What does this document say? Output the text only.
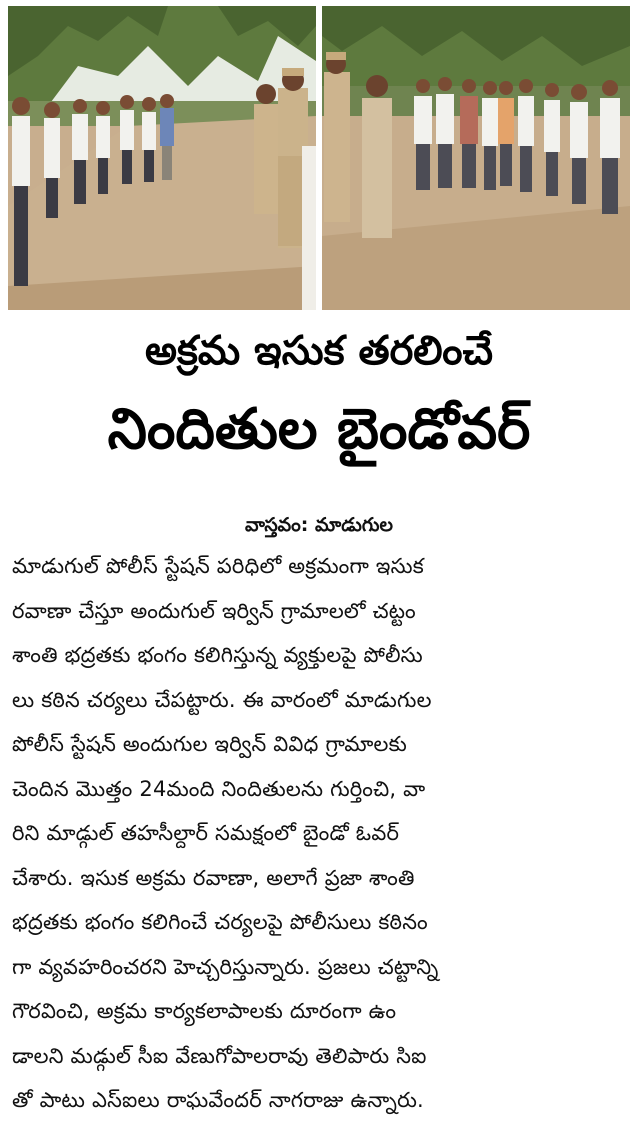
అక్రమ ఇసుక తరలించే
నిందితుల బైండోవర్
వాస్తవం: మాడుగుల
మాడుగుల్ పోలీస్ స్టేషన్ పరిధిలో అక్రమంగా ఇసుక
రవాణా చేస్తూ అందుగుల్ ఇర్విన్ గ్రామాలలో చట్టం
శాంతి భద్రతకు భంగం కలిగిస్తున్న వ్యక్తులపై పోలీసు
లు కఠిన చర్యలు చేపట్టారు. ఈ వారంలో మాడుగుల
పోలీస్ స్టేషన్ అందుగుల ఇర్విన్ వివిధ గ్రామాలకు
చెందిన మొత్తం 24మంది నిందితులను గుర్తించి, వా
రిని మాడ్గుల్ తహసీల్దార్ సమక్షంలో బైండో ఓవర్
చేశారు. ఇసుక అక్రమ రవాణా, అలాగే ప్రజా శాంతి
భద్రతకు భంగం కలిగించే చర్యలపై పోలీసులు కఠినం
గా వ్యవహరించరని హెచ్చరిస్తున్నారు. ప్రజలు చట్టాన్ని
గౌరవించి, అక్రమ కార్యకలాపాలకు దూరంగా ఉం
డాలని మడ్గుల్ సీఐ వేణుగోపాలరావు తెలిపారు సిఐ
తో పాటు ఎస్ఐలు రాఘవేందర్ నాగరాజు ఉన్నారు.
